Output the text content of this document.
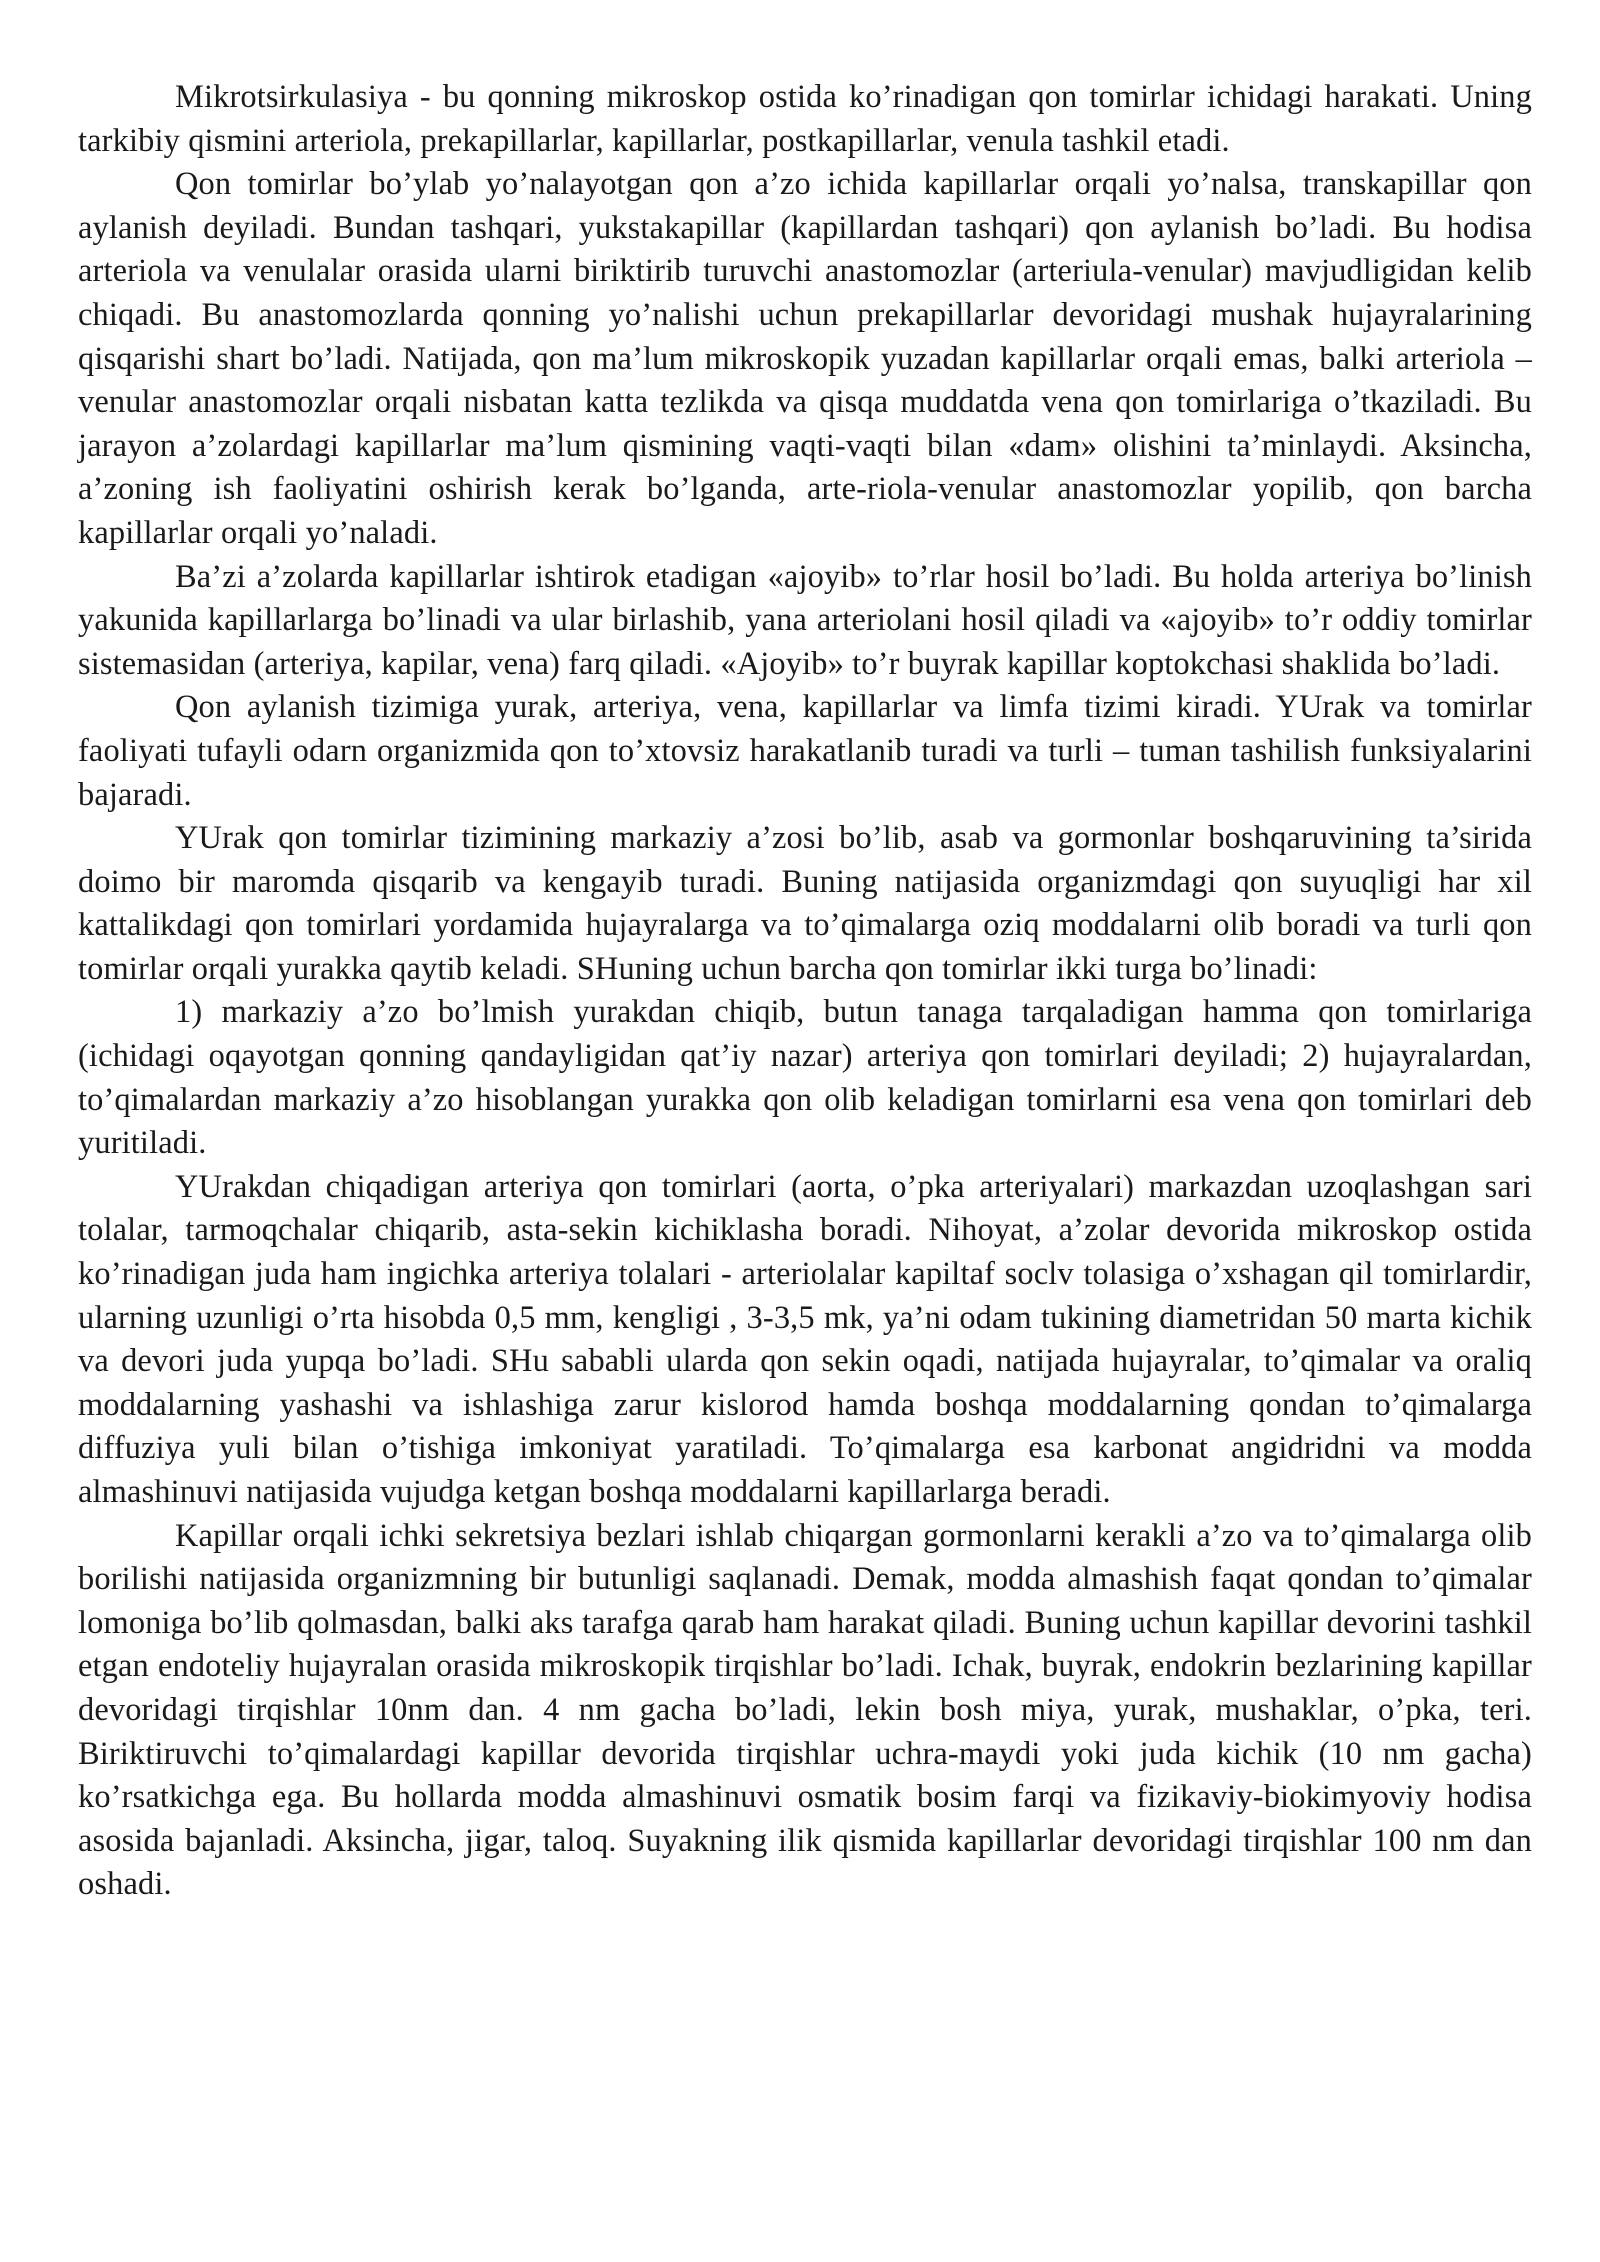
Mikrotsirkulasiya - bu qonning mikroskop ostida ko’rinadigan qon tomirlar ichidagi harakati. Uning tarkibiy qismini arteriola, prekapillarlar, kapillarlar, postkapillarlar, venula tashkil etadi.

Qon tomirlar bo’ylab yo’nalayotgan qon a’zo ichida kapillarlar orqali yo’nalsa, transkapillar qon aylanish deyiladi. Bundan tashqari, yukstakapillar (kapillardan tashqari) qon aylanish bo’ladi. Bu hodisa arteriola va venulalar orasida ularni biriktirib turuvchi anastomozlar (arteriula-venular) mavjudligidan kelib chiqadi. Bu anastomozlarda qonning yo’nalishi uchun prekapillarlar devoridagi mushak hujayralarining qisqarishi shart bo’ladi. Natijada, qon ma’lum mikroskopik yuzadan kapillarlar orqali emas, balki arteriola – venular anastomozlar orqali nisbatan katta tezlikda va qisqa muddatda vena qon tomirlariga o’tkaziladi. Bu jarayon a’zolardagi kapillarlar ma’lum qismining vaqti-vaqti bilan «dam» olishini ta’minlaydi. Aksincha, a’zoning ish faoliyatini oshirish kerak bo’lganda, arte-riola-venular anastomozlar yopilib, qon barcha kapillarlar orqali yo’naladi.

Ba’zi a’zolarda kapillarlar ishtirok etadigan «ajoyib» to’rlar hosil bo’ladi. Bu holda arteriya bo’linish yakunida kapillarlarga bo’linadi va ular birlashib, yana arteriolani hosil qiladi va «ajoyib» to’r oddiy tomirlar sistemasidan (arteriya, kapilar, vena) farq qiladi. «Ajoyib» to’r buyrak kapillar koptokchasi shaklida bo’ladi.

Qon aylanish tizimiga yurak, arteriya, vena, kapillarlar va limfa tizimi kiradi. YUrak va tomirlar faoliyati tufayli odarn organizmida qon to’xtovsiz harakatlanib turadi va turli – tuman tashilish funksiyalarini bajaradi.

YUrak qon tomirlar tizimining markaziy a’zosi bo’lib, asab va gormonlar boshqaruvining ta’sirida doimo bir maromda qisqarib va kengayib turadi. Buning natijasida organizmdagi qon suyuqligi har xil kattalikdagi qon tomirlari yordamida hujayralarga va to’qimalarga oziq moddalarni olib boradi va turli qon tomirlar orqali yurakka qaytib keladi. SHuning uchun barcha qon tomirlar ikki turga bo’linadi:

1) markaziy a’zo bo’lmish yurakdan chiqib, butun tanaga tarqaladigan hamma qon tomirlariga (ichidagi oqayotgan qonning qandayligidan qat’iy nazar) arteriya qon tomirlari deyiladi; 2) hujayralardan, to’qimalardan markaziy a’zo hisoblangan yurakka qon olib keladigan tomirlarni esa vena qon tomirlari deb yuritiladi.

YUrakdan chiqadigan arteriya qon tomirlari (aorta, o’pka arteriyalari) markazdan uzoqlashgan sari tolalar, tarmoqchalar chiqarib, asta-sekin kichiklasha boradi. Nihoyat, a’zolar devorida mikroskop ostida ko’rinadigan juda ham ingichka arteriya tolalari - arteriolalar kapiltaf soclv tolasiga o’xshagan qil tomirlardir, ularning uzunligi o’rta hisobda 0,5 mm, kengligi , 3-3,5 mk, ya’ni odam tukining diametridan 50 marta kichik va devori juda yupqa bo’ladi. SHu sababli ularda qon sekin oqadi, natijada hujayralar, to’qimalar va oraliq moddalarning yashashi va ishlashiga zarur kislorod hamda boshqa moddalarning qondan to’qimalarga diffuziya yuli bilan o’tishiga imkoniyat yaratiladi. To’qimalarga esa karbonat angidridni va modda almashinuvi natijasida vujudga ketgan boshqa moddalarni kapillarlarga beradi.

Kapillar orqali ichki sekretsiya bezlari ishlab chiqargan gormonlarni kerakli a’zo va to’qimalarga olib borilishi natijasida organizmning bir butunligi saqlanadi. Demak, modda almashish faqat qondan to’qimalar lomoniga bo’lib qolmasdan, balki aks tarafga qarab ham harakat qiladi. Buning uchun kapillar devorini tashkil etgan endoteliy hujayralan orasida mikroskopik tirqishlar bo’ladi. Ichak, buyrak, endokrin bezlarining kapillar devoridagi tirqishlar 10nm dan. 4 nm gacha bo’ladi, lekin bosh miya, yurak, mushaklar, o’pka, teri. Biriktiruvchi to’qimalardagi kapillar devorida tirqishlar uchra-maydi yoki juda kichik (10 nm gacha) ko’rsatkichga ega. Bu hollarda modda almashinuvi osmatik bosim farqi va fizikaviy-biokimyoviy hodisa asosida bajanladi. Aksincha, jigar, taloq. Suyakning ilik qismida kapillarlar devoridagi tirqishlar 100 nm dan oshadi.
